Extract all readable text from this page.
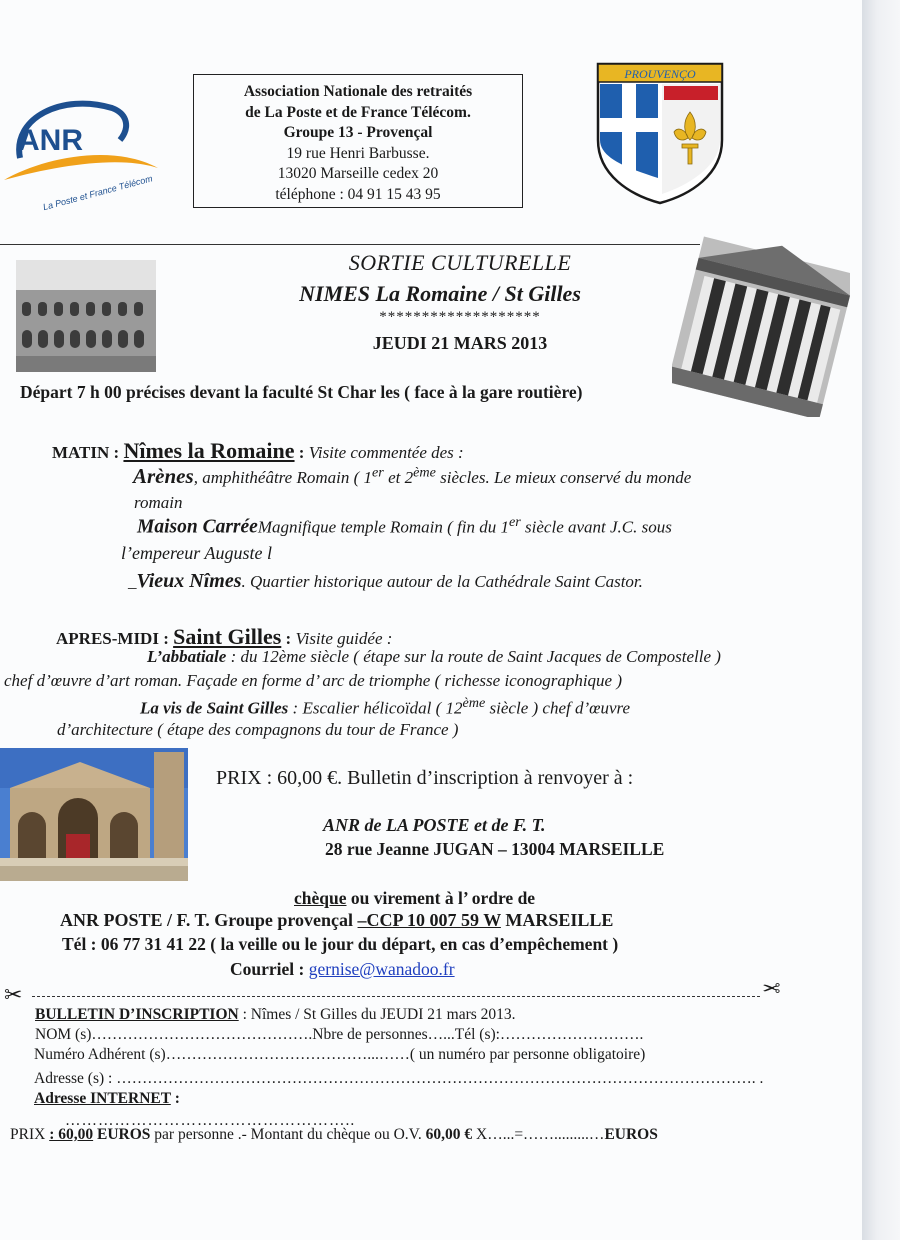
ANR
La Poste et France Télécom
Association Nationale des retraités
de La Poste et de France Télécom.
Groupe 13 - Provençal
19 rue Henri Barbusse.
13020 Marseille cedex 20
téléphone : 04 91 15 43 95
PROUVENÇO
SORTIE CULTURELLE
NIMES La Romaine / St Gilles
*******************
JEUDI 21 MARS 2013
Départ 7 h 00 précises devant la faculté St Char les ( face à la gare routière)
MATIN : Nîmes la Romaine : Visite commentée des :
Arènes, amphithéâtre Romain ( 1er et 2ème siècles. Le mieux conservé du monde
romain
Maison CarréeMagnifique temple Romain ( fin du 1er siècle avant J.C. sous
l’empereur Auguste l
_Vieux Nîmes. Quartier historique autour de la Cathédrale Saint Castor.
APRES-MIDI : Saint Gilles : Visite guidée :
L’abbatiale : du 12ème siècle ( étape sur la route de Saint Jacques de Compostelle )
chef d’œuvre d’art roman. Façade en forme d’ arc de triomphe ( richesse iconographique )
La vis de Saint Gilles : Escalier hélicoïdal ( 12ème siècle ) chef d’œuvre
d’architecture ( étape des compagnons du tour de France )
PRIX : 60,00 €. Bulletin d’inscription à renvoyer à :
ANR de LA POSTE et de F. T.
28 rue Jeanne JUGAN – 13004 MARSEILLE
chèque ou virement à l’ ordre de
ANR POSTE / F. T. Groupe provençal –CCP 10 007 59 W MARSEILLE
Tél : 06 77 31 41 22 ( la veille ou le jour du départ, en cas d’empêchement )
Courriel : gernise@wanadoo.fr
✂	✂
BULLETIN D’INSCRIPTION : Nîmes / St Gilles du JEUDI 21 mars 2013.
NOM (s)…………………………………….Nbre de personnes…...Tél (s):……………………….
Numéro Adhérent (s)…………………………………...……( un numéro par personne obligatoire)
Adresse (s) : ……………………………………………………………………………………………………………. .
Adresse INTERNET :
……………………………………………..
PRIX : 60,00 EUROS par personne .- Montant du chèque ou O.V. 60,00 € X…...=…….........…EUROS
